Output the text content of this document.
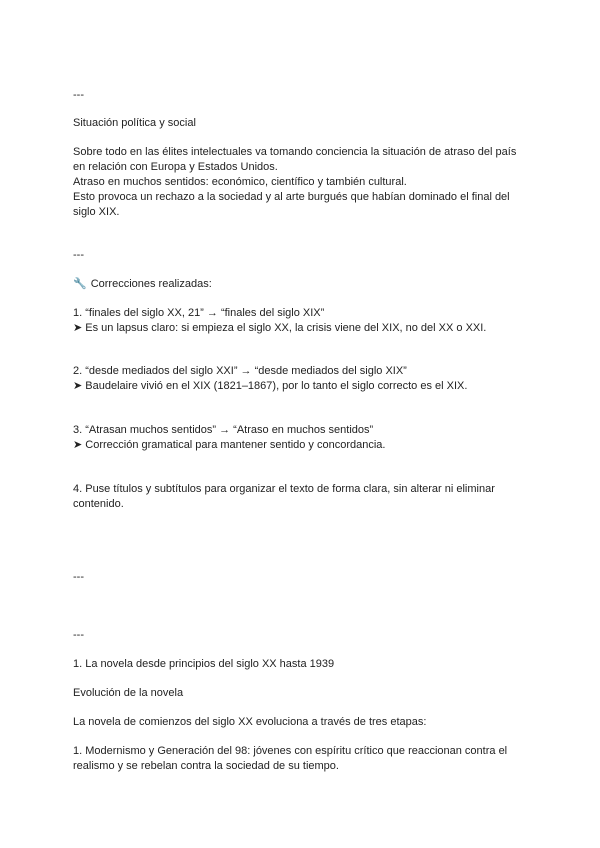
---
Situación política y social
Sobre todo en las élites intelectuales va tomando conciencia la situación de atraso del país
en relación con Europa y Estados Unidos.
Atraso en muchos sentidos: económico, científico y también cultural.
Esto provoca un rechazo a la sociedad y al arte burgués que habían dominado el final del
siglo XIX.
---
🔧 Correcciones realizadas:
1. “finales del siglo XX, 21” → “finales del siglo XIX”
➤ Es un lapsus claro: si empieza el siglo XX, la crisis viene del XIX, no del XX o XXI.
2. “desde mediados del siglo XXI” → “desde mediados del siglo XIX”
➤ Baudelaire vivió en el XIX (1821–1867), por lo tanto el siglo correcto es el XIX.
3. “Atrasan muchos sentidos” → “Atraso en muchos sentidos”
➤ Corrección gramatical para mantener sentido y concordancia.
4. Puse títulos y subtítulos para organizar el texto de forma clara, sin alterar ni eliminar
contenido.
---
---
1. La novela desde principios del siglo XX hasta 1939
Evolución de la novela
La novela de comienzos del siglo XX evoluciona a través de tres etapas:
1. Modernismo y Generación del 98: jóvenes con espíritu crítico que reaccionan contra el
realismo y se rebelan contra la sociedad de su tiempo.
